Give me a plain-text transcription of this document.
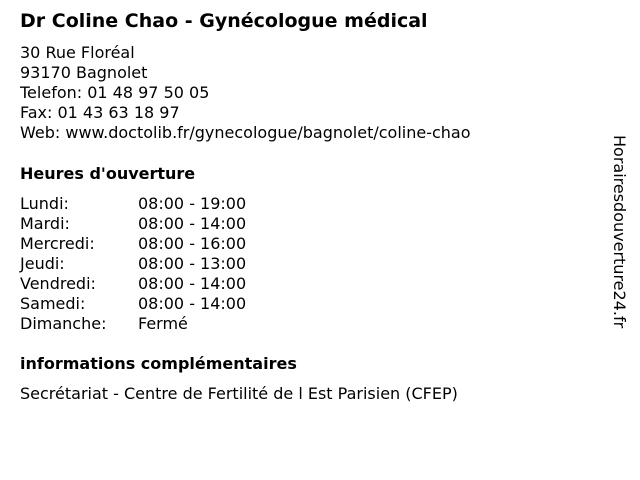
Dr Coline Chao - Gynécologue médical
30 Rue Floréal
93170 Bagnolet
Telefon: 01 48 97 50 05
Fax: 01 43 63 18 97
Web: www.doctolib.fr/gynecologue/bagnolet/coline-chao
Heures d'ouverture
Lundi:	08:00 - 19:00
Mardi:	08:00 - 14:00
Mercredi:	08:00 - 16:00
Jeudi:	08:00 - 13:00
Vendredi:	08:00 - 14:00
Samedi:	08:00 - 14:00
Dimanche:	Fermé
informations complémentaires
Secrétariat - Centre de Fertilité de l Est Parisien (CFEP)
Horairesdouverture24.fr
